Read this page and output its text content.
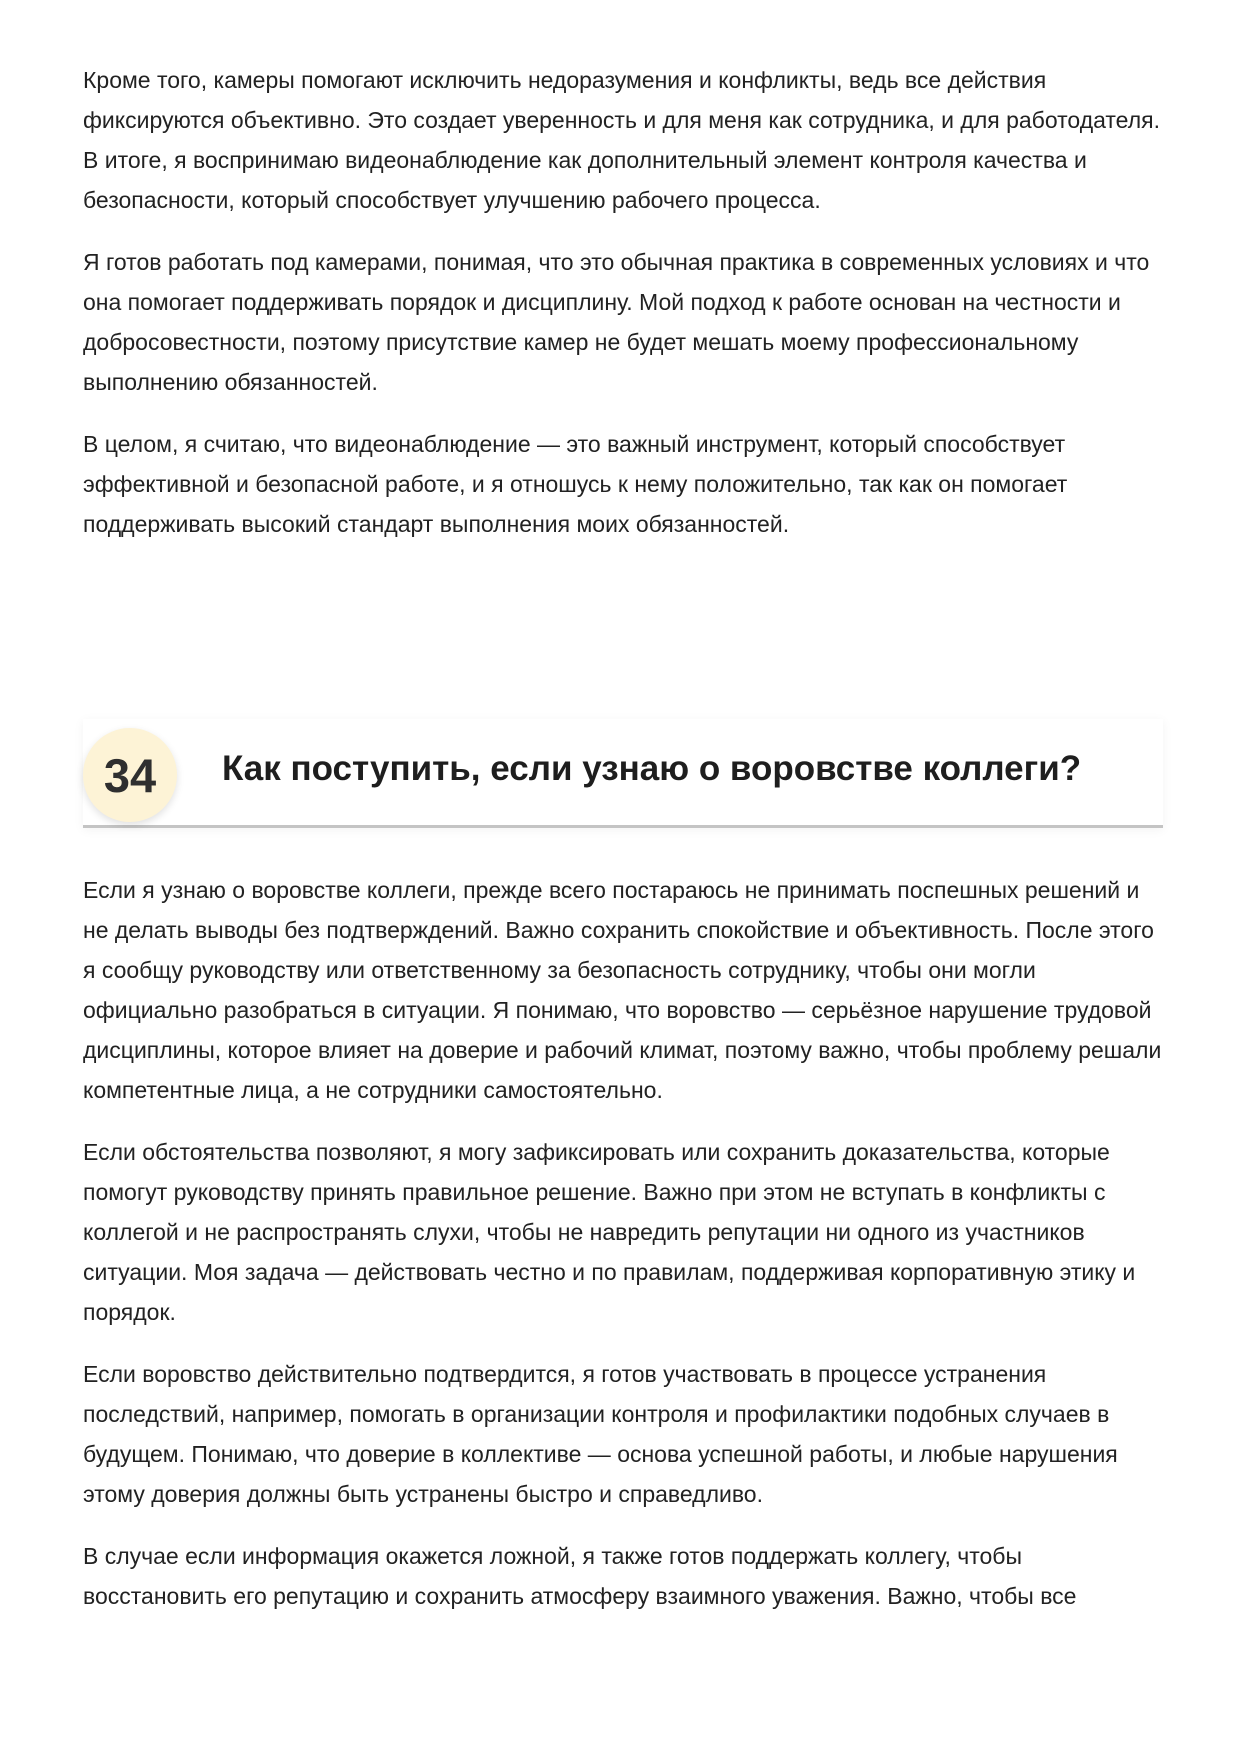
Кроме того, камеры помогают исключить недоразумения и конфликты, ведь все действия фиксируются объективно. Это создает уверенность и для меня как сотрудника, и для работодателя. В итоге, я воспринимаю видеонаблюдение как дополнительный элемент контроля качества и безопасности, который способствует улучшению рабочего процесса.

Я готов работать под камерами, понимая, что это обычная практика в современных условиях и что она помогает поддерживать порядок и дисциплину. Мой подход к работе основан на честности и добросовестности, поэтому присутствие камер не будет мешать моему профессиональному выполнению обязанностей.

В целом, я считаю, что видеонаблюдение — это важный инструмент, который способствует эффективной и безопасной работе, и я отношусь к нему положительно, так как он помогает поддерживать высокий стандарт выполнения моих обязанностей.

34	Как поступить, если узнаю о воровстве коллеги?

Если я узнаю о воровстве коллеги, прежде всего постараюсь не принимать поспешных решений и не делать выводы без подтверждений. Важно сохранить спокойствие и объективность. После этого я сообщу руководству или ответственному за безопасность сотруднику, чтобы они могли официально разобраться в ситуации. Я понимаю, что воровство — серьёзное нарушение трудовой дисциплины, которое влияет на доверие и рабочий климат, поэтому важно, чтобы проблему решали компетентные лица, а не сотрудники самостоятельно.

Если обстоятельства позволяют, я могу зафиксировать или сохранить доказательства, которые помогут руководству принять правильное решение. Важно при этом не вступать в конфликты с коллегой и не распространять слухи, чтобы не навредить репутации ни одного из участников ситуации. Моя задача — действовать честно и по правилам, поддерживая корпоративную этику и порядок.

Если воровство действительно подтвердится, я готов участвовать в процессе устранения последствий, например, помогать в организации контроля и профилактики подобных случаев в будущем. Понимаю, что доверие в коллективе — основа успешной работы, и любые нарушения этому доверия должны быть устранены быстро и справедливо.

В случае если информация окажется ложной, я также готов поддержать коллегу, чтобы восстановить его репутацию и сохранить атмосферу взаимного уважения. Важно, чтобы все
